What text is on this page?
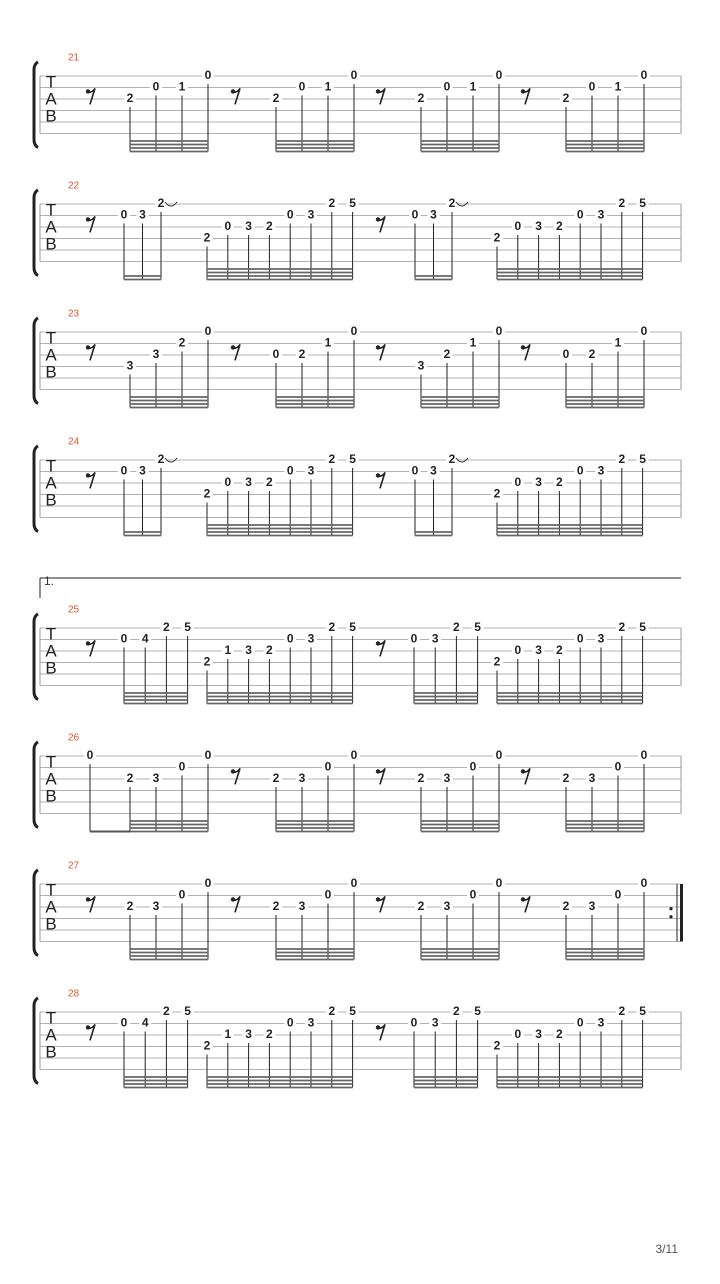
21
T
A
B
2
0 1
0
2
0 1
0
2
0 1
0
2
0 1
0
22
T
A
B
0 3
2
2
0 3 2
0 3
2 5
0 3
2
2
0 3 2
0 3
2 5
23
T
A
B	3
3
2
0
0 2
1
0
3
2
1
0
0 2
1
0
24
T
A
B
0 3
2
2
0 3 2
0 3
2 5
0 3
2
2
0 3 2
0 3
2 5
25
T
A
B
0 4
2 5
2
1 3 2
0 3
2 5
0 3
2 5
2
0 3 2
0 3
2 5
1.
26
T
A
B
0
2 3
0
0
2 3
0
0
2 3
0
0
2 3
0
0
27
T
A
B
2 3
0
0
2 3
0
0
2 3
0
0
2 3
0
0
28
T
A
B
0 4
2 5
2
1 3 2
0 3
2 5
0 3
2 5
2
0 3 2
0 3
2 5
3/11
